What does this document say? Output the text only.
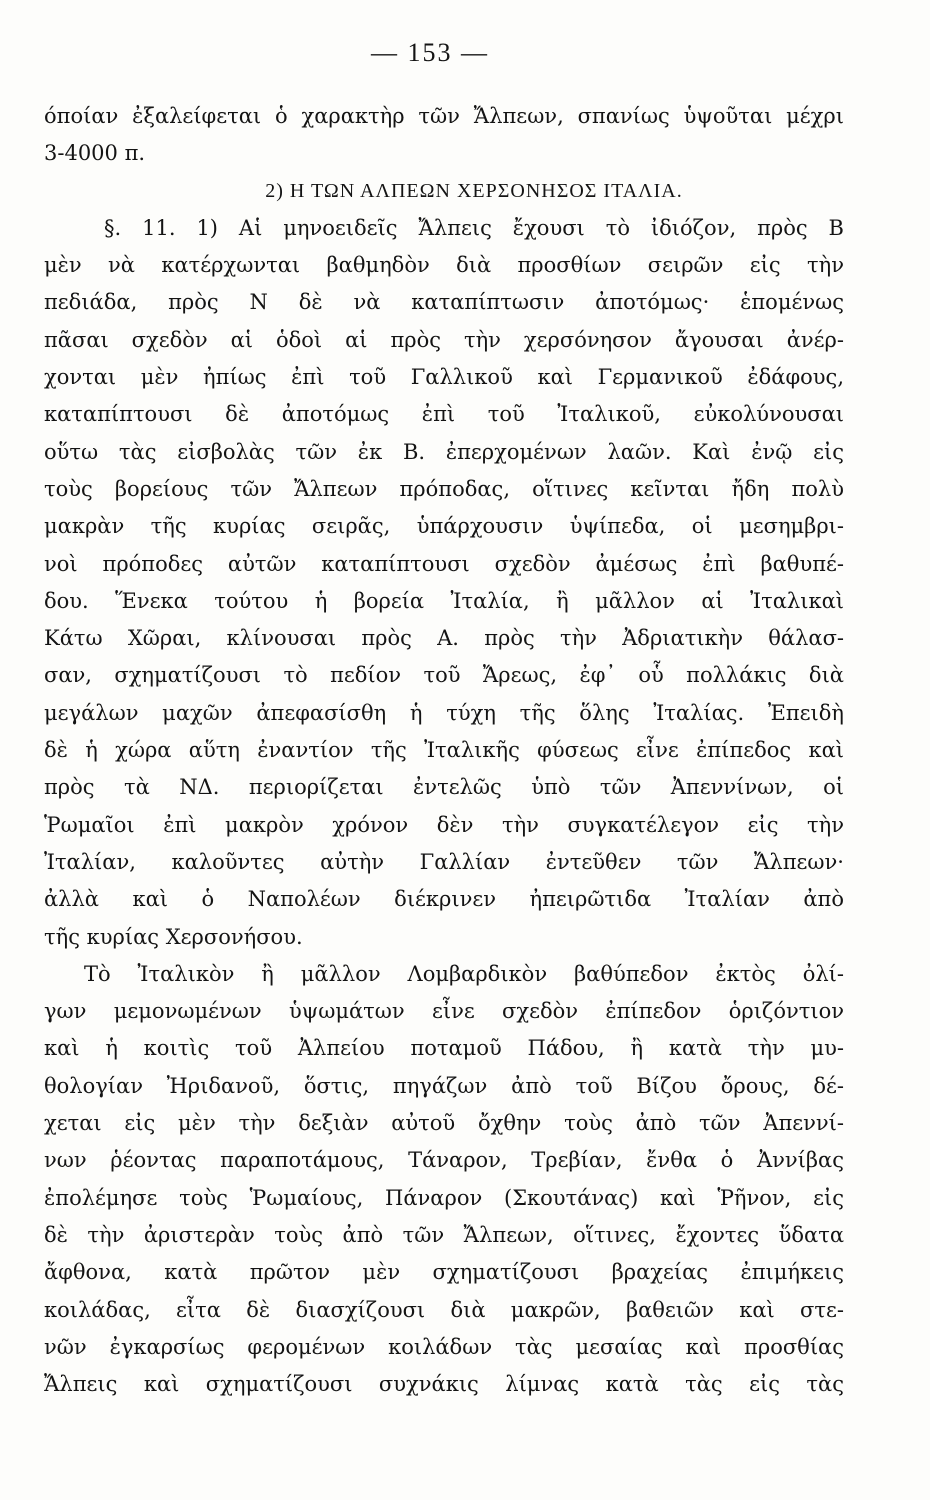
— 153 —
όποίαν ἐξαλείφεται ὁ χαρακτὴρ τῶν Ἄλπεων, σπανίως ὑψοῦται μέχρι
3-4000 π.
2) Η ΤΩΝ ΑΛΠΕΩΝ ΧΕΡΣΟΝΗΣΟΣ ΙΤΑΛΙΑ.
§. 11. 1) Αἱ μηνοειδεῖς Ἄλπεις ἔχουσι τὸ ἰδιόζον, πρὸς Β
μὲν νὰ κατέρχωνται βαθμηδὸν διὰ προσθίων σειρῶν εἰς τὴν
πεδιάδα, πρὸς Ν δὲ νὰ καταπίπτωσιν ἀποτόμως· ἑπομένως
πᾶσαι σχεδὸν αἱ ὁδοὶ αἱ πρὸς τὴν χερσόνησον ἄγουσαι ἀνέρ-
χονται μὲν ἠπίως ἐπὶ τοῦ Γαλλικοῦ καὶ Γερμανικοῦ ἐδάφους,
καταπίπτουσι δὲ ἀποτόμως ἐπὶ τοῦ Ἰταλικοῦ, εὐκολύνουσαι
οὕτω τὰς εἰσβολὰς τῶν ἐκ Β. ἐπερχομένων λαῶν. Καὶ ἐνῷ εἰς
τοὺς βορείους τῶν Ἄλπεων πρόποδας, οἵτινες κεῖνται ἤδη πολὺ
μακρὰν τῆς κυρίας σειρᾶς, ὑπάρχουσιν ὑψίπεδα, οἱ μεσημβρι-
νοὶ πρόποδες αὐτῶν καταπίπτουσι σχεδὸν ἀμέσως ἐπὶ βαθυπέ-
δου. Ἕνεκα τούτου ἡ βορεία Ἰταλία, ἢ μᾶλλον αἱ Ἰταλικαὶ
Κάτω Χῶραι, κλίνουσαι πρὸς Α. πρὸς τὴν Ἀδριατικὴν θάλασ-
σαν, σχηματίζουσι τὸ πεδίον τοῦ Ἄρεως, ἐφ᾽ οὗ πολλάκις διὰ
μεγάλων μαχῶν ἀπεφασίσθη ἡ τύχη τῆς ὅλης Ἰταλίας. Ἐπειδὴ
δὲ ἡ χώρα αὕτη ἐναντίον τῆς Ἰταλικῆς φύσεως εἶνε ἐπίπεδος καὶ
πρὸς τὰ ΝΔ. περιορίζεται ἐντελῶς ὑπὸ τῶν Ἀπεννίνων, οἱ
Ῥωμαῖοι ἐπὶ μακρὸν χρόνον δὲν τὴν συγκατέλεγον εἰς τὴν
Ἰταλίαν, καλοῦντες αὐτὴν Γαλλίαν ἐντεῦθεν τῶν Ἄλπεων·
ἀλλὰ καὶ ὁ Ναπολέων διέκρινεν ἠπειρῶτιδα Ἰταλίαν ἀπὸ
τῆς κυρίας Χερσονήσου.
Τὸ Ἰταλικὸν ἢ μᾶλλον Λομβαρδικὸν βαθύπεδον ἐκτὸς ὀλί-
γων μεμονωμένων ὑψωμάτων εἶνε σχεδὸν ἐπίπεδον ὁριζόντιον
καὶ ἡ κοιτὶς τοῦ Ἀλπείου ποταμοῦ Πάδου, ἢ κατὰ τὴν μυ-
θολογίαν Ἠριδανοῦ, ὅστις, πηγάζων ἀπὸ τοῦ Βίζου ὄρους, δέ-
χεται εἰς μὲν τὴν δεξιὰν αὐτοῦ ὄχθην τοὺς ἀπὸ τῶν Ἀπεννί-
νων ῥέοντας παραποτάμους, Τάναρον, Τρεβίαν, ἔνθα ὁ Ἀννίβας
ἐπολέμησε τοὺς Ῥωμαίους, Πάναρον (Σκουτάνας) καὶ Ῥῆνον, εἰς
δὲ τὴν ἀριστερὰν τοὺς ἀπὸ τῶν Ἄλπεων, οἵτινες, ἔχοντες ὕδατα
ἄφθονα, κατὰ πρῶτον μὲν σχηματίζουσι βραχείας ἐπιμήκεις
κοιλάδας, εἶτα δὲ διασχίζουσι διὰ μακρῶν, βαθειῶν καὶ στε-
νῶν ἐγκαρσίως φερομένων κοιλάδων τὰς μεσαίας καὶ προσθίας
Ἄλπεις καὶ σχηματίζουσι συχνάκις λίμνας κατὰ τὰς εἰς τὰς
